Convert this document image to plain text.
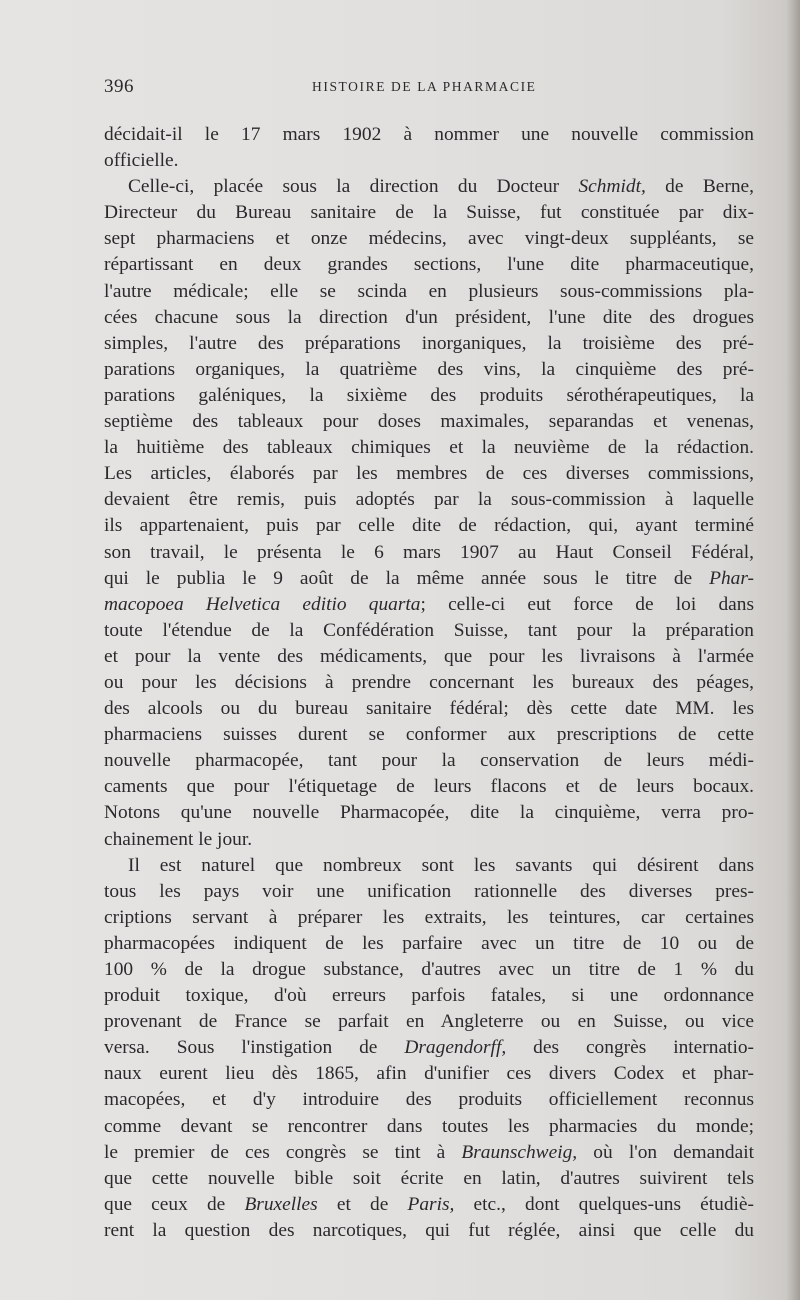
396	HISTOIRE DE LA PHARMACIE
décidait-il le 17 mars 1902 à nommer une nouvelle commission
officielle.
Celle-ci, placée sous la direction du Docteur Schmidt, de Berne,
Directeur du Bureau sanitaire de la Suisse, fut constituée par dix-
sept pharmaciens et onze médecins, avec vingt-deux suppléants, se
répartissant en deux grandes sections, l'une dite pharmaceutique,
l'autre médicale; elle se scinda en plusieurs sous-commissions pla-
cées chacune sous la direction d'un président, l'une dite des drogues
simples, l'autre des préparations inorganiques, la troisième des pré-
parations organiques, la quatrième des vins, la cinquième des pré-
parations galéniques, la sixième des produits sérothérapeutiques, la
septième des tableaux pour doses maximales, separandas et venenas,
la huitième des tableaux chimiques et la neuvième de la rédaction.
Les articles, élaborés par les membres de ces diverses commissions,
devaient être remis, puis adoptés par la sous-commission à laquelle
ils appartenaient, puis par celle dite de rédaction, qui, ayant terminé
son travail, le présenta le 6 mars 1907 au Haut Conseil Fédéral,
qui le publia le 9 août de la même année sous le titre de Phar-
macopoea Helvetica editio quarta; celle-ci eut force de loi dans
toute l'étendue de la Confédération Suisse, tant pour la préparation
et pour la vente des médicaments, que pour les livraisons à l'armée
ou pour les décisions à prendre concernant les bureaux des péages,
des alcools ou du bureau sanitaire fédéral; dès cette date MM. les
pharmaciens suisses durent se conformer aux prescriptions de cette
nouvelle pharmacopée, tant pour la conservation de leurs médi-
caments que pour l'étiquetage de leurs flacons et de leurs bocaux.
Notons qu'une nouvelle Pharmacopée, dite la cinquième, verra pro-
chainement le jour.
Il est naturel que nombreux sont les savants qui désirent dans
tous les pays voir une unification rationnelle des diverses pres-
criptions servant à préparer les extraits, les teintures, car certaines
pharmacopées indiquent de les parfaire avec un titre de 10 ou de
100 % de la drogue substance, d'autres avec un titre de 1 % du
produit toxique, d'où erreurs parfois fatales, si une ordonnance
provenant de France se parfait en Angleterre ou en Suisse, ou vice
versa. Sous l'instigation de Dragendorff, des congrès internatio-
naux eurent lieu dès 1865, afin d'unifier ces divers Codex et phar-
macopées, et d'y introduire des produits officiellement reconnus
comme devant se rencontrer dans toutes les pharmacies du monde;
le premier de ces congrès se tint à Braunschweig, où l'on demandait
que cette nouvelle bible soit écrite en latin, d'autres suivirent tels
que ceux de Bruxelles et de Paris, etc., dont quelques-uns étudiè-
rent la question des narcotiques, qui fut réglée, ainsi que celle du
